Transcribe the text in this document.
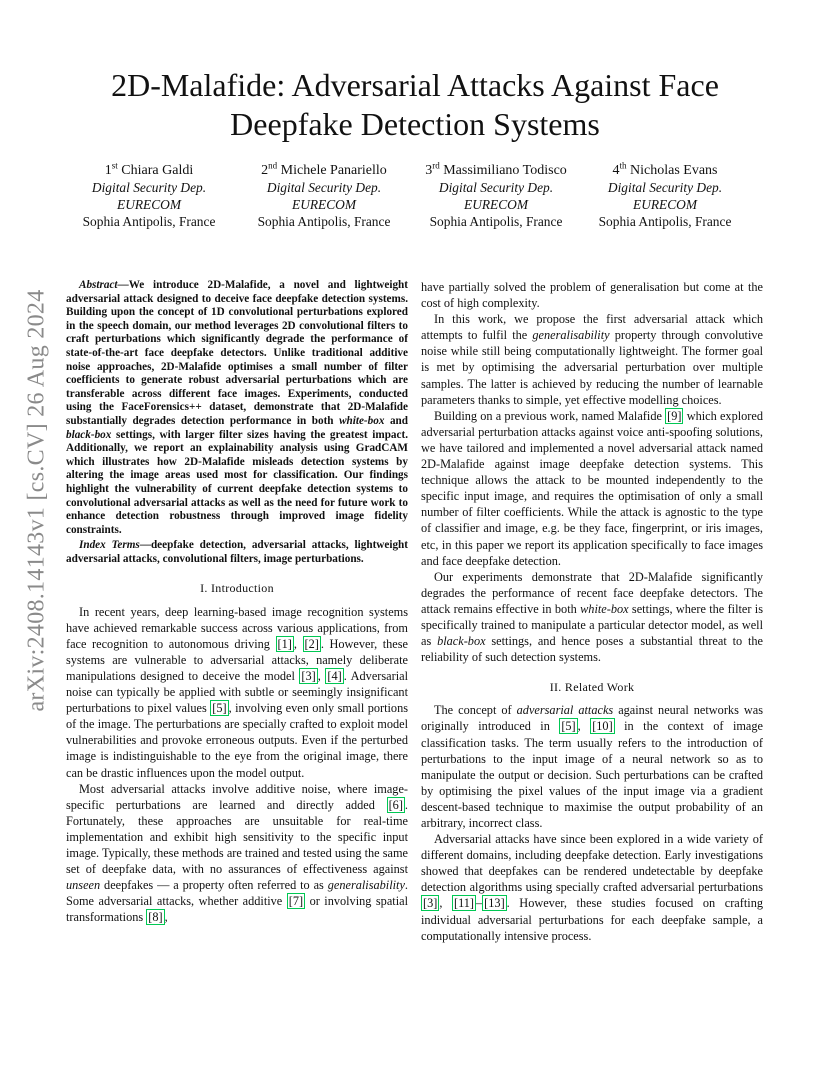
arXiv:2408.14143v1 [cs.CV] 26 Aug 2024
2D-Malafide: Adversarial Attacks Against Face Deepfake Detection Systems
1st Chiara Galdi
Digital Security Dep.
EURECOM
Sophia Antipolis, France
2nd Michele Panariello
Digital Security Dep.
EURECOM
Sophia Antipolis, France
3rd Massimiliano Todisco
Digital Security Dep.
EURECOM
Sophia Antipolis, France
4th Nicholas Evans
Digital Security Dep.
EURECOM
Sophia Antipolis, France

Abstract—We introduce 2D-Malafide, a novel and lightweight adversarial attack designed to deceive face deepfake detection systems. Building upon the concept of 1D convolutional perturbations explored in the speech domain, our method leverages 2D convolutional filters to craft perturbations which significantly degrade the performance of state-of-the-art face deepfake detectors. Unlike traditional additive noise approaches, 2D-Malafide optimises a small number of filter coefficients to generate robust adversarial perturbations which are transferable across different face images. Experiments, conducted using the FaceForensics++ dataset, demonstrate that 2D-Malafide substantially degrades detection performance in both white-box and black-box settings, with larger filter sizes having the greatest impact. Additionally, we report an explainability analysis using GradCAM which illustrates how 2D-Malafide misleads detection systems by altering the image areas used most for classification. Our findings highlight the vulnerability of current deepfake detection systems to convolutional adversarial attacks as well as the need for future work to enhance detection robustness through improved image fidelity constraints.

Index Terms—deepfake detection, adversarial attacks, lightweight adversarial attacks, convolutional filters, image perturbations.

I. Introduction

In recent years, deep learning-based image recognition systems have achieved remarkable success across various applications, from face recognition to autonomous driving [1] , [2] . However, these systems are vulnerable to adversarial attacks, namely deliberate manipulations designed to deceive the model [3] , [4] . Adversarial noise can typically be applied with subtle or seemingly insignificant perturbations to pixel values [5] , involving even only small portions of the image. The perturbations are specially crafted to exploit model vulnerabilities and provoke erroneous outputs. Even if the perturbed image is indistinguishable to the eye from the original image, there can be drastic influences upon the model output.

Most adversarial attacks involve additive noise, where image-specific perturbations are learned and directly added [6] . Fortunately, these approaches are unsuitable for real-time implementation and exhibit high sensitivity to the specific input image. Typically, these methods are trained and tested using the same set of deepfake data, with no assurances of effectiveness against unseen deepfakes — a property often referred to as generalisability. Some adversarial attacks, whether additive [7] or involving spatial transformations [8] ,

have partially solved the problem of generalisation but come at the cost of high complexity.

In this work, we propose the first adversarial attack which attempts to fulfil the generalisability property through convolutive noise while still being computationally lightweight. The former goal is met by optimising the adversarial perturbation over multiple samples. The latter is achieved by reducing the number of learnable parameters thanks to simple, yet effective modelling choices.

Building on a previous work, named Malafide [9] which explored adversarial perturbation attacks against voice anti-spoofing solutions, we have tailored and implemented a novel adversarial attack named 2D-Malafide against image deepfake detection systems. This technique allows the attack to be mounted independently to the specific input image, and requires the optimisation of only a small number of filter coefficients. While the attack is agnostic to the type of classifier and image, e.g. be they face, fingerprint, or iris images, etc, in this paper we report its application specifically to face images and face deepfake detection.

Our experiments demonstrate that 2D-Malafide significantly degrades the performance of recent face deepfake detectors. The attack remains effective in both white-box settings, where the filter is specifically trained to manipulate a particular detector model, as well as black-box settings, and hence poses a substantial threat to the reliability of such detection systems.

II. Related Work

The concept of adversarial attacks against neural networks was originally introduced in [5] , [10] in the context of image classification tasks. The term usually refers to the introduction of perturbations to the input image of a neural network so as to manipulate the output or decision. Such perturbations can be crafted by optimising the pixel values of the input image via a gradient descent-based technique to maximise the output probability of an arbitrary, incorrect class.

Adversarial attacks have since been explored in a wide variety of different domains, including deepfake detection. Early investigations showed that deepfakes can be rendered undetectable by deepfake detection algorithms using specially crafted adversarial perturbations [3] , [11] – [13] . However, these studies focused on crafting individual adversarial perturbations for each deepfake sample, a computationally intensive process.
